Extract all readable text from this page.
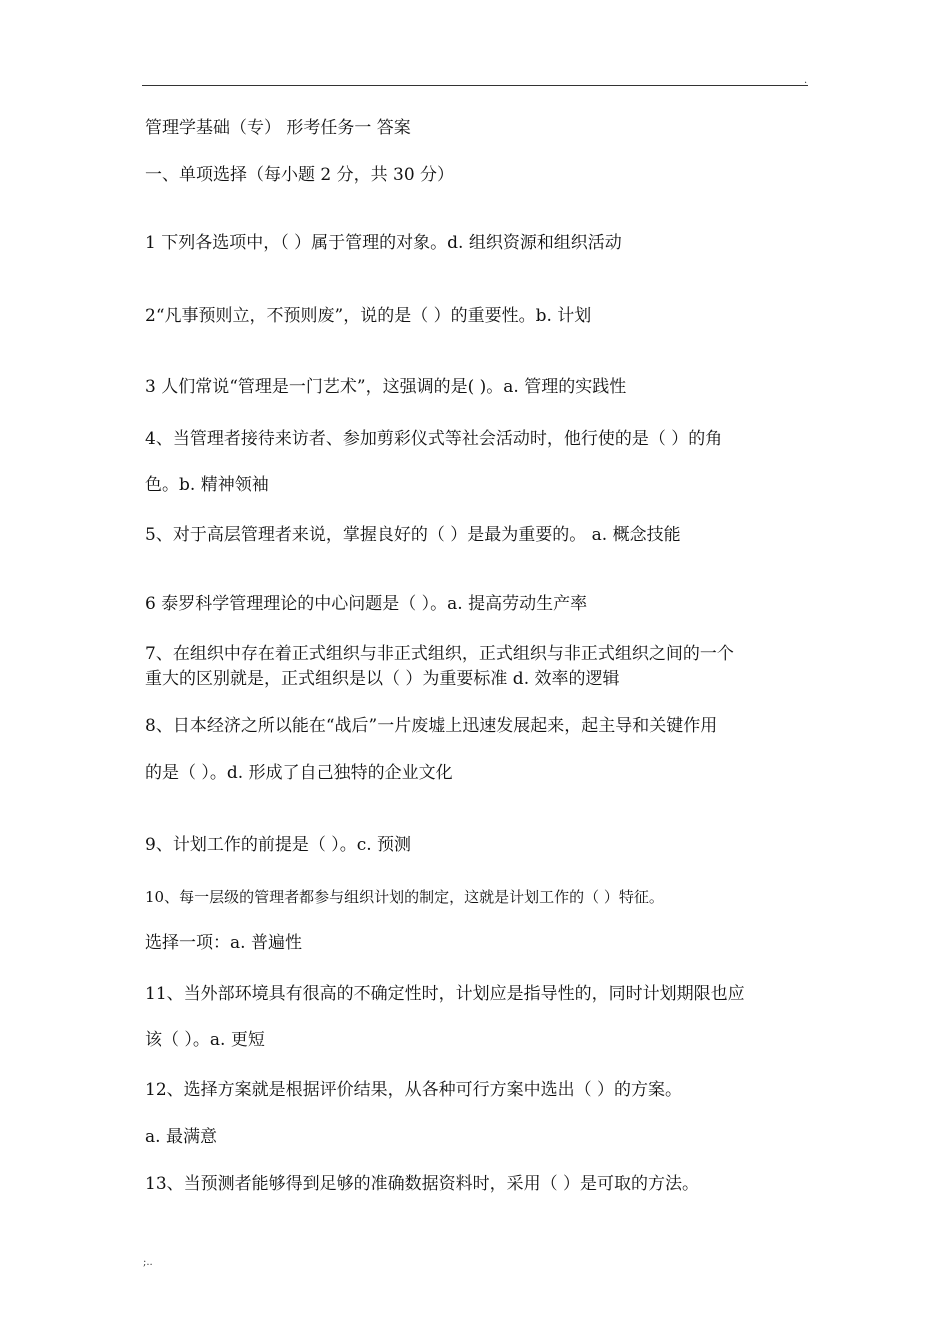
.
管理学基础（专） 形考任务一 答案
一、单项选择（每小题 2 分，共 30 分）
1 下列各选项中，（ ）属于管理的对象。d. 组织资源和组织活动
2“凡事预则立，不预则废”，说的是（ ）的重要性。b. 计划
3 人们常说“管理是一门艺术”，这强调的是( )。a. 管理的实践性
4、当管理者接待来访者、参加剪彩仪式等社会活动时，他行使的是（ ）的角
色。b. 精神领袖
5、对于高层管理者来说，掌握良好的（ ）是最为重要的。 a. 概念技能
6 泰罗科学管理理论的中心问题是（ ）。a. 提高劳动生产率
7、在组织中存在着正式组织与非正式组织，正式组织与非正式组织之间的一个
重大的区别就是，正式组织是以（ ）为重要标准 d. 效率的逻辑
8、日本经济之所以能在“战后”一片废墟上迅速发展起来，起主导和关键作用
的是（ ）。d. 形成了自己独特的企业文化
9、计划工作的前提是（ ）。c. 预测
10、每一层级的管理者都参与组织计划的制定，这就是计划工作的（ ）特征。
选择一项：a. 普遍性
11、当外部环境具有很高的不确定性时，计划应是指导性的，同时计划期限也应
该（ ）。a. 更短
12、选择方案就是根据评价结果，从各种可行方案中选出（ ）的方案。
a. 最满意
13、当预测者能够得到足够的准确数据资料时，采用（ ）是可取的方法。
;..
